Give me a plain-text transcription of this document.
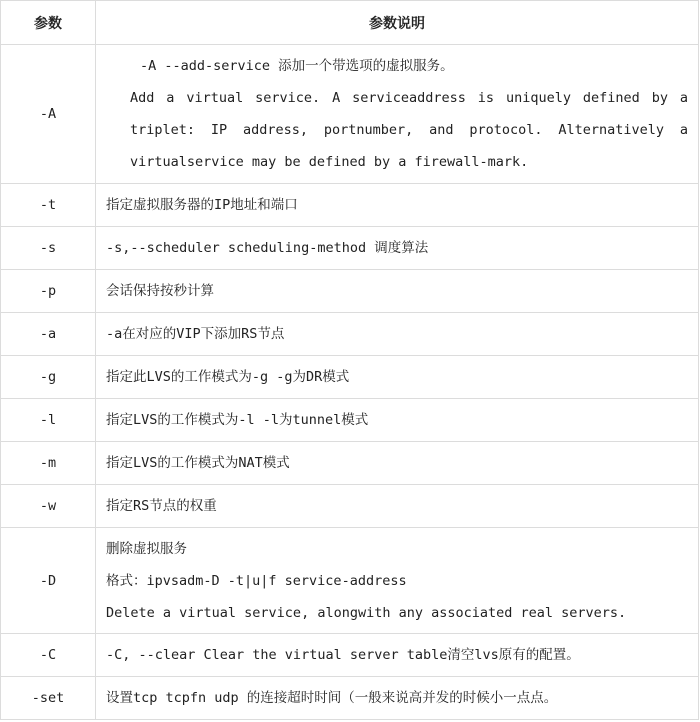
参数	参数说明
-A	-A --add-service 添加一个带选项的虚拟服务。
Add a virtual service. A serviceaddress is uniquely defined by a
triplet: IP address, portnumber, and protocol. Alternatively a
virtualservice may be defined by a firewall-mark.

-t	指定虚拟服务器的IP地址和端口

-s	-s,--scheduler scheduling-method 调度算法

-p	会话保持按秒计算

-a	-a在对应的VIP下添加RS节点

-g	指定此LVS的工作模式为-g -g为DR模式

-l	指定LVS的工作模式为-l -l为tunnel模式

-m	指定LVS的工作模式为NAT模式

-w	指定RS节点的权重

-D	删除虚拟服务
格式：ipvsadm-D -t|u|f service-address
Delete a virtual service, alongwith any associated real servers.

-C	-C, --clear Clear the virtual server table清空lvs原有的配置。

-set	设置tcp tcpfn udp 的连接超时时间（一般来说高并发的时候小一点点。
